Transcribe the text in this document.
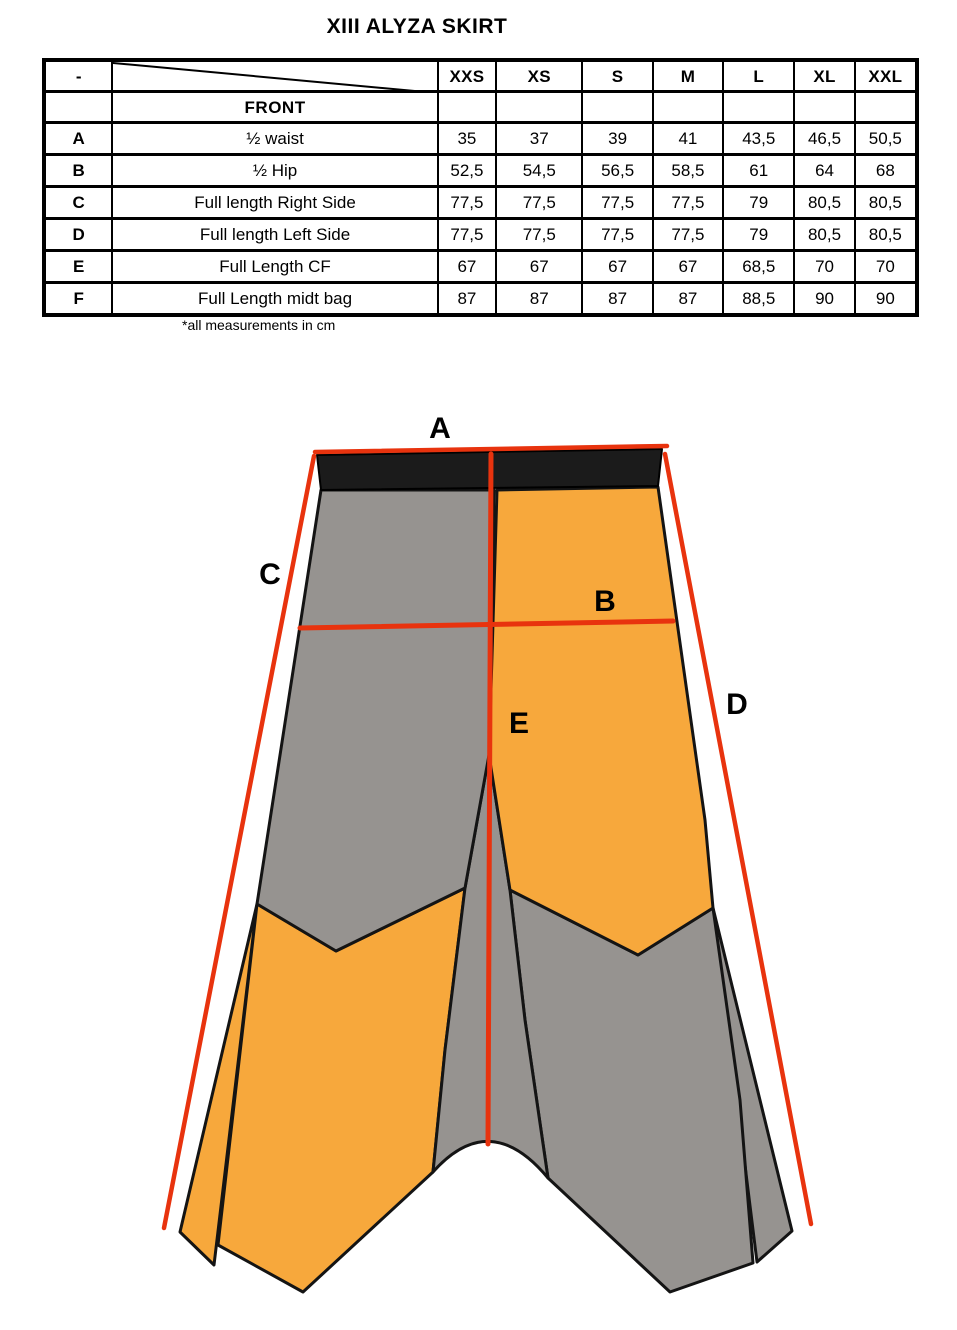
XIII ALYZA SKIRT
-		XXS	XS	S	M	L	XL	XXL
	FRONT							
A	½ waist	35	37	39	41	43,5	46,5	50,5
B	½ Hip	52,5	54,5	56,5	58,5	61	64	68
C	Full length Right Side	77,5	77,5	77,5	77,5	79	80,5	80,5
D	Full length Left Side	77,5	77,5	77,5	77,5	79	80,5	80,5
E	Full Length CF	67	67	67	67	68,5	70	70
F	Full Length midt bag	87	87	87	87	88,5	90	90
*all measurements in cm
A
B
C
D
E
